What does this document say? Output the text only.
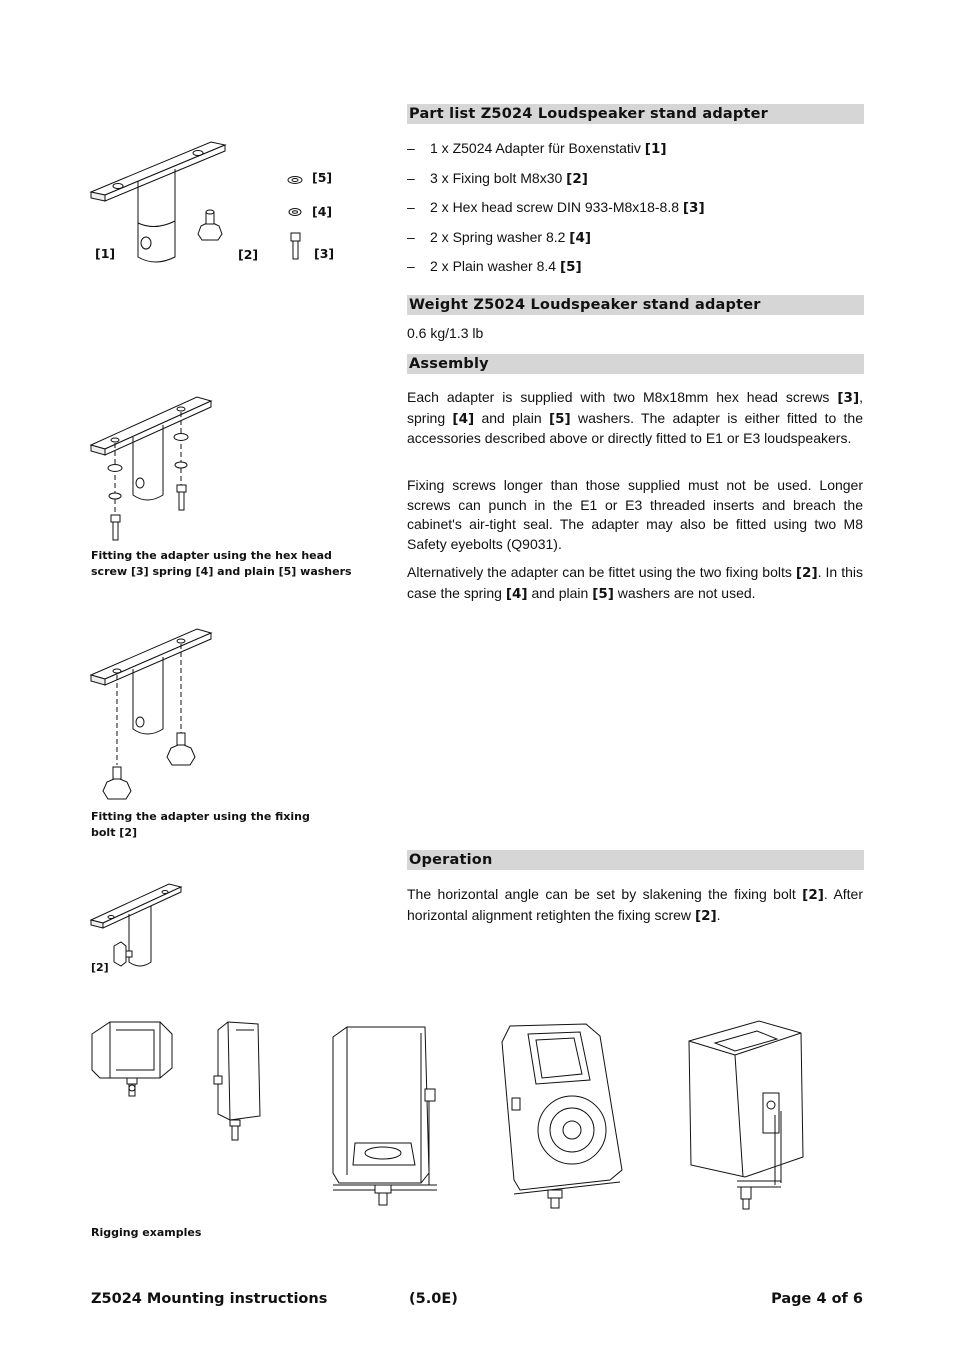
Part list Z5024 Loudspeaker stand adapter
– 1 x Z5024 Adapter für Boxenstativ [1]
– 3 x Fixing bolt M8x30 [2]
– 2 x Hex head screw DIN 933-M8x18-8.8 [3]
– 2 x Spring washer 8.2 [4]
– 2 x Plain washer 8.4 [5]
Weight Z5024 Loudspeaker stand adapter
0.6 kg/1.3 lb
Assembly
Each adapter is supplied with two M8x18mm hex head screws [3], spring [4] and plain [5] washers. The adapter is either fitted to the accessories described above or directly fitted to E1 or E3 loudspeakers.
Fixing screws longer than those supplied must not be used. Longer screws can punch in the E1 or E3 threaded inserts and breach the cabinet's air-tight seal. The adapter may also be fitted using two M8 Safety eyebolts (Q9031).
Alternatively the adapter can be fittet using the two fixing bolts [2]. In this case the spring [4] and plain [5] washers are not used.
Operation
The horizontal angle can be set by slakening the fixing bolt [2]. After horizontal alignment retighten the fixing screw [2].
[1]	[2]	[3]
[4]
[5]
Fitting the adapter using the hex head screw [3] spring [4] and plain [5] washers
Fitting the adapter using the fixing bolt [2]
[2]
Rigging examples
Z5024 Mounting instructions	(5.0E)	Page 4 of 6
